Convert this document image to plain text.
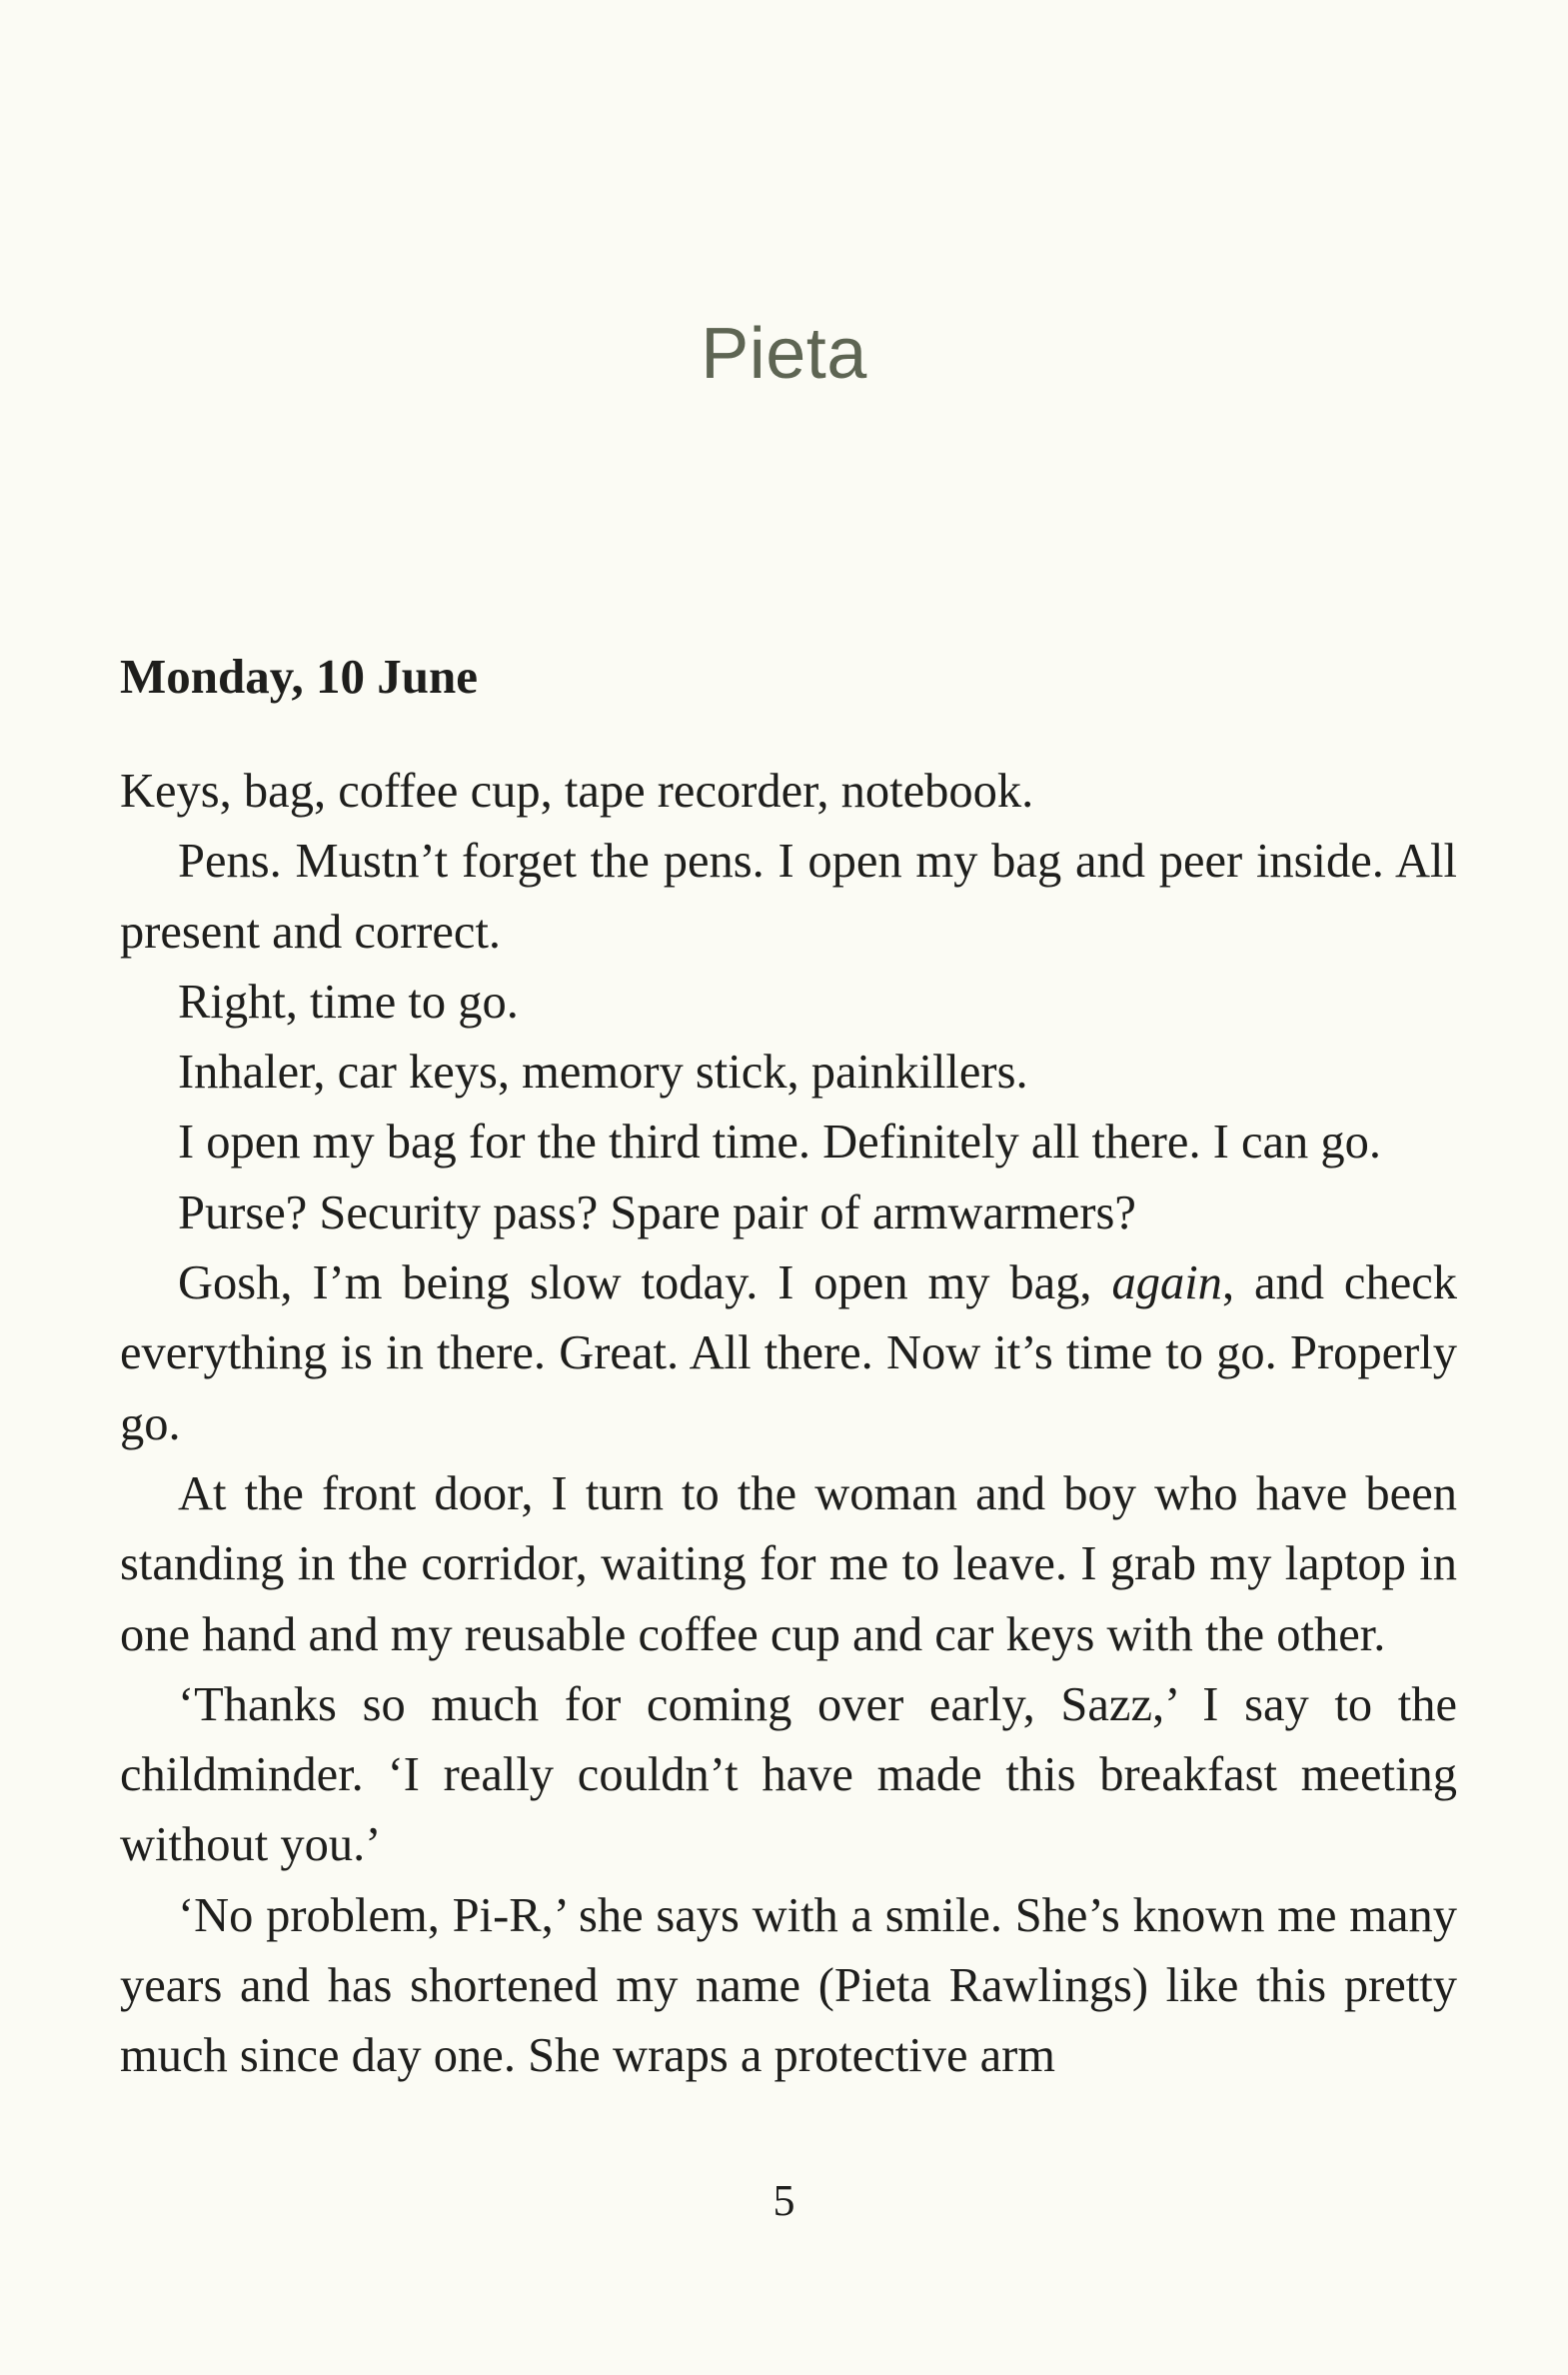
Pieta
Monday, 10 June

Keys, bag, coffee cup, tape recorder, notebook.

Pens. Mustn’t forget the pens. I open my bag and peer inside. All present and correct.

Right, time to go.

Inhaler, car keys, memory stick, painkillers.

I open my bag for the third time. Definitely all there. I can go.

Purse? Security pass? Spare pair of armwarmers?

Gosh, I’m being slow today. I open my bag, again, and check everything is in there. Great. All there. Now it’s time to go. Properly go.

At the front door, I turn to the woman and boy who have been standing in the corridor, waiting for me to leave. I grab my laptop in one hand and my reusable coffee cup and car keys with the other.

‘Thanks so much for coming over early, Sazz,’ I say to the childminder. ‘I really couldn’t have made this breakfast meeting without you.’

‘No problem, Pi-R,’ she says with a smile. She’s known me many years and has shortened my name (Pieta Rawlings) like this pretty much since day one. She wraps a protective arm

5
